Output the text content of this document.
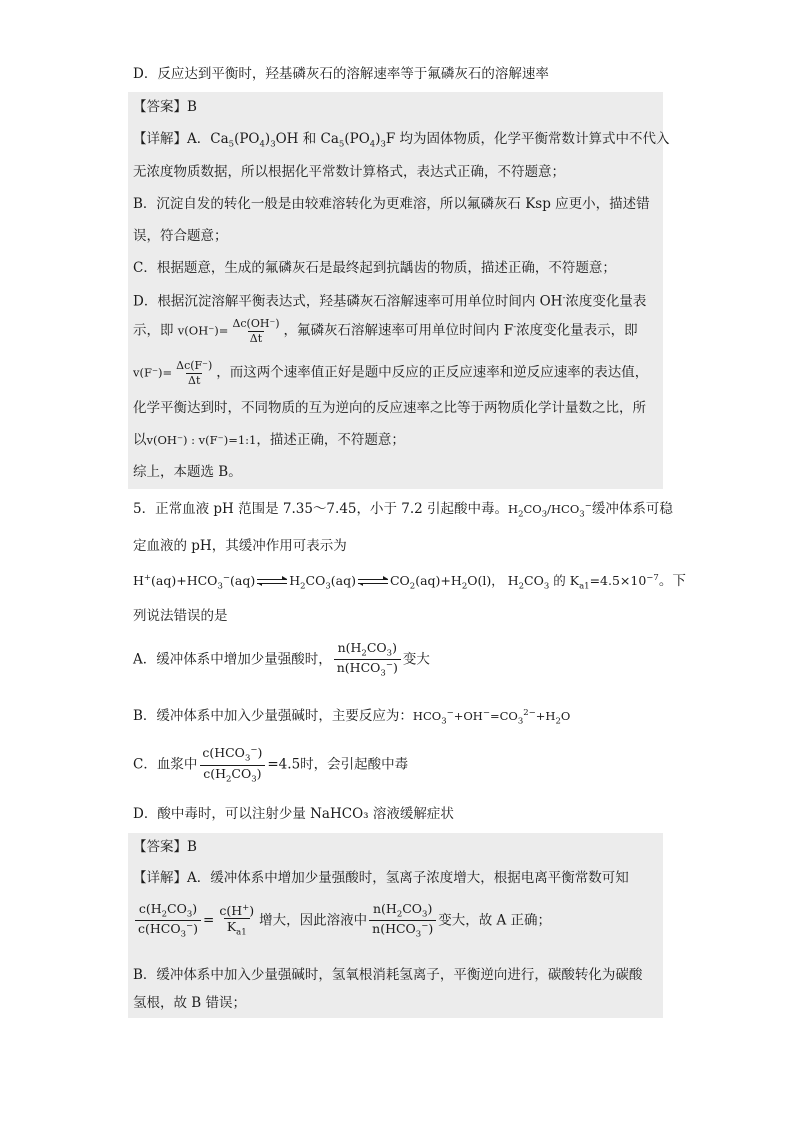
D．反应达到平衡时，羟基磷灰石的溶解速率等于氟磷灰石的溶解速率
【答案】B
【详解】A．$Ca_5(PO_4)_3OH$ 和 $Ca_5(PO_4)_3F$ 均为固体物质，化学平衡常数计算式中不代入
无浓度物质数据，所以根据化平常数计算格式，表达式正确，不符题意；
B．沉淀自发的转化一般是由较难溶转化为更难溶，所以氟磷灰石 Ksp 应更小，描述错
误，符合题意；
C．根据题意，生成的氟磷灰石是最终起到抗龋齿的物质，描述正确，不符题意；
D．根据沉淀溶解平衡表达式，羟基磷灰石溶解速率可用单位时间内 OH-浓度变化量表
示，即 $v(OH^-)= \frac{\Delta c(OH^-)}{\Delta t}$ ，氟磷灰石溶解速率可用单位时间内 F-浓度变化量表示，即
$v(F^-)= \frac{\Delta c(F^-)}{\Delta t}$ ，而这两个速率值正好是题中反应的正反应速率和逆反应速率的表达值，
化学平衡达到时，不同物质的互为逆向的反应速率之比等于两物质化学计量数之比，所
以v(OH⁻) : v(F⁻)=1:1，描述正确，不符题意；
综上，本题选 B。
5．正常血液 pH 范围是 7.35～7.45，小于 7.2 引起酸中毒。$H_2CO_3/HCO_3^-$缓冲体系可稳
定血液的 pH，其缓冲作用可表示为
$H^+(aq)+HCO_3^-(aq)$	$H_2CO_3(aq)$	$CO_2(aq)+H_2O(l)$， $H_2CO_3$ 的 $K_{a1}=4.5\times 10^{-7}$。下
列说法错误的是
A．缓冲体系中增加少量强酸时， $\frac{n(H_2CO_3)}{n(HCO_3^-)}$ 变大
B．缓冲体系中加入少量强碱时，主要反应为：$HCO_3^-+OH^-=CO_3^{2-}+H_2O$
C．血浆中 $\frac{c(HCO_3^-)}{c(H_2CO_3)} =4.5$时，会引起酸中毒
D．酸中毒时，可以注射少量 NaHCO₃ 溶液缓解症状
【答案】B
【详解】A．缓冲体系中增加少量强酸时，氢离子浓度增大，根据电离平衡常数可知
$\frac{c(H_2CO_3)}{c(HCO_3^-)} = \frac{c(H^+)}{K_{a1}}$ 增大，因此溶液中 $\frac{n(H_2CO_3)}{n(HCO_3^-)}$ 变大，故 A 正确；
B．缓冲体系中加入少量强碱时，氢氧根消耗氢离子，平衡逆向进行，碳酸转化为碳酸
氢根，故 B 错误；
